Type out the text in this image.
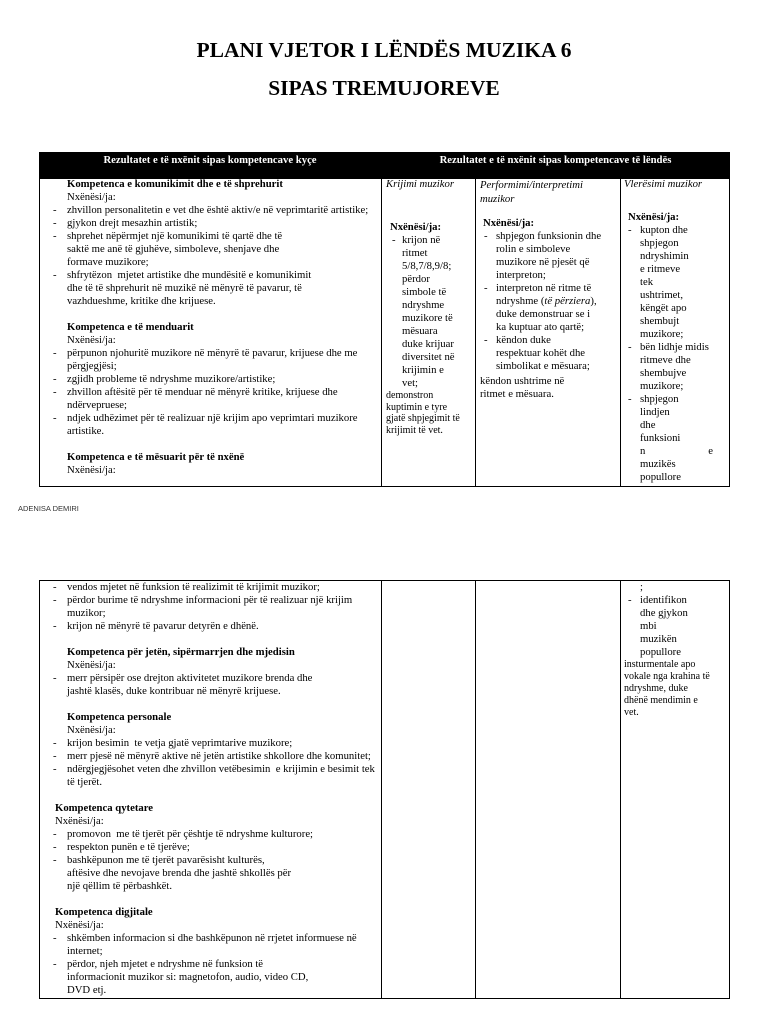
PLANI VJETOR I LËNDËS MUZIKA 6
SIPAS TREMUJOREVE
Rezultatet e të nxënit sipas kompetencave kyçe	Rezultatet e të nxënit sipas kompetencave të lëndës
Kompetenca e komunikimit dhe e të shprehurit
Nxënësi/ja:
- zhvillon personalitetin e vet dhe është aktiv/e në veprimtaritë artistike;
- gjykon drejt mesazhin artistik;
- shprehet nëpërmjet një komunikimi të qartë dhe të
saktë me anë të gjuhëve, simboleve, shenjave dhe
formave muzikore;
- shfrytëzon  mjetet artistike dhe mundësitë e komunikimit
dhe të të shprehurit në muzikë në mënyrë të pavarur, të
vazhdueshme, kritike dhe krijuese.
Kompetenca e të menduarit
Nxënësi/ja:
- përpunon njohuritë muzikore në mënyrë të pavarur, krijuese dhe me
përgjegjësi;
- zgjidh probleme të ndryshme muzikore/artistike;
- zhvillon aftësitë për të menduar në mënyrë kritike, krijuese dhe
ndërvepruese;
- ndjek udhëzimet për të realizuar një krijim apo veprimtari muzikore
artistike.
Kompetenca e të mësuarit për të nxënë
Nxënësi/ja:
Krijimi muzikor
Nxënësi/ja:
- krijon në
ritmet
5/8,7/8,9/8;
përdor
simbole të
ndryshme
muzikore të
mësuara
duke krijuar
diversitet në
krijimin e
vet;
demonstron
kuptimin e tyre
gjatë shpjegimit të
krijimit të vet.
Performimi/interpretimi
muzikor
Nxënësi/ja:
- shpjegon funksionin dhe
rolin e simboleve
muzikore në pjesët që
interpreton;
- interpreton në ritme të
ndryshme (të përziera),
duke demonstruar se i
ka kuptuar ato qartë;
- këndon duke
respektuar kohët dhe
simbolikat e mësuara;
këndon ushtrime në
ritmet e mësuara.
Vlerësimi muzikor
Nxënësi/ja:
- kupton dhe
shpjegon
ndryshimin
e ritmeve
tek
ushtrimet,
këngët apo
shembujt
muzikore;
- bën lidhje midis
ritmeve dhe
shembujve
muzikore;
- shpjegon
lindjen
dhe
funksioni
n e
muzikës
popullore
ADENISA DEMIRI
- vendos mjetet në funksion të realizimit të krijimit muzikor;
- përdor burime të ndryshme informacioni për të realizuar një krijim
muzikor;
- krijon në mënyrë të pavarur detyrën e dhënë.
Kompetenca për jetën, sipërmarrjen dhe mjedisin
Nxënësi/ja:
- merr përsipër ose drejton aktivitetet muzikore brenda dhe
jashtë klasës, duke kontribuar në mënyrë krijuese.
Kompetenca personale
Nxënësi/ja:
- krijon besimin  te vetja gjatë veprimtarive muzikore;
- merr pjesë në mënyrë aktive në jetën artistike shkollore dhe komunitet;
- ndërgjegjësohet veten dhe zhvillon vetëbesimin  e krijimin e besimit tek
të tjerët.
Kompetenca qytetare
Nxënësi/ja:
- promovon  me të tjerët për çështje të ndryshme kulturore;
- respekton punën e të tjerëve;
- bashkëpunon me të tjerët pavarësisht kulturës,
aftësive dhe nevojave brenda dhe jashtë shkollës për
një qëllim të përbashkët.
Kompetenca digjitale
Nxënësi/ja:
- shkëmben informacion si dhe bashkëpunon në rrjetet informuese në
internet;
- përdor, njeh mjetet e ndryshme në funksion të
informacionit muzikor si: magnetofon, audio, video CD,
DVD etj.
;
- identifikon
dhe gjykon
mbi
muzikën
popullore
insturmentale apo
vokale nga krahina të
ndryshme, duke
dhënë mendimin e
vet.
